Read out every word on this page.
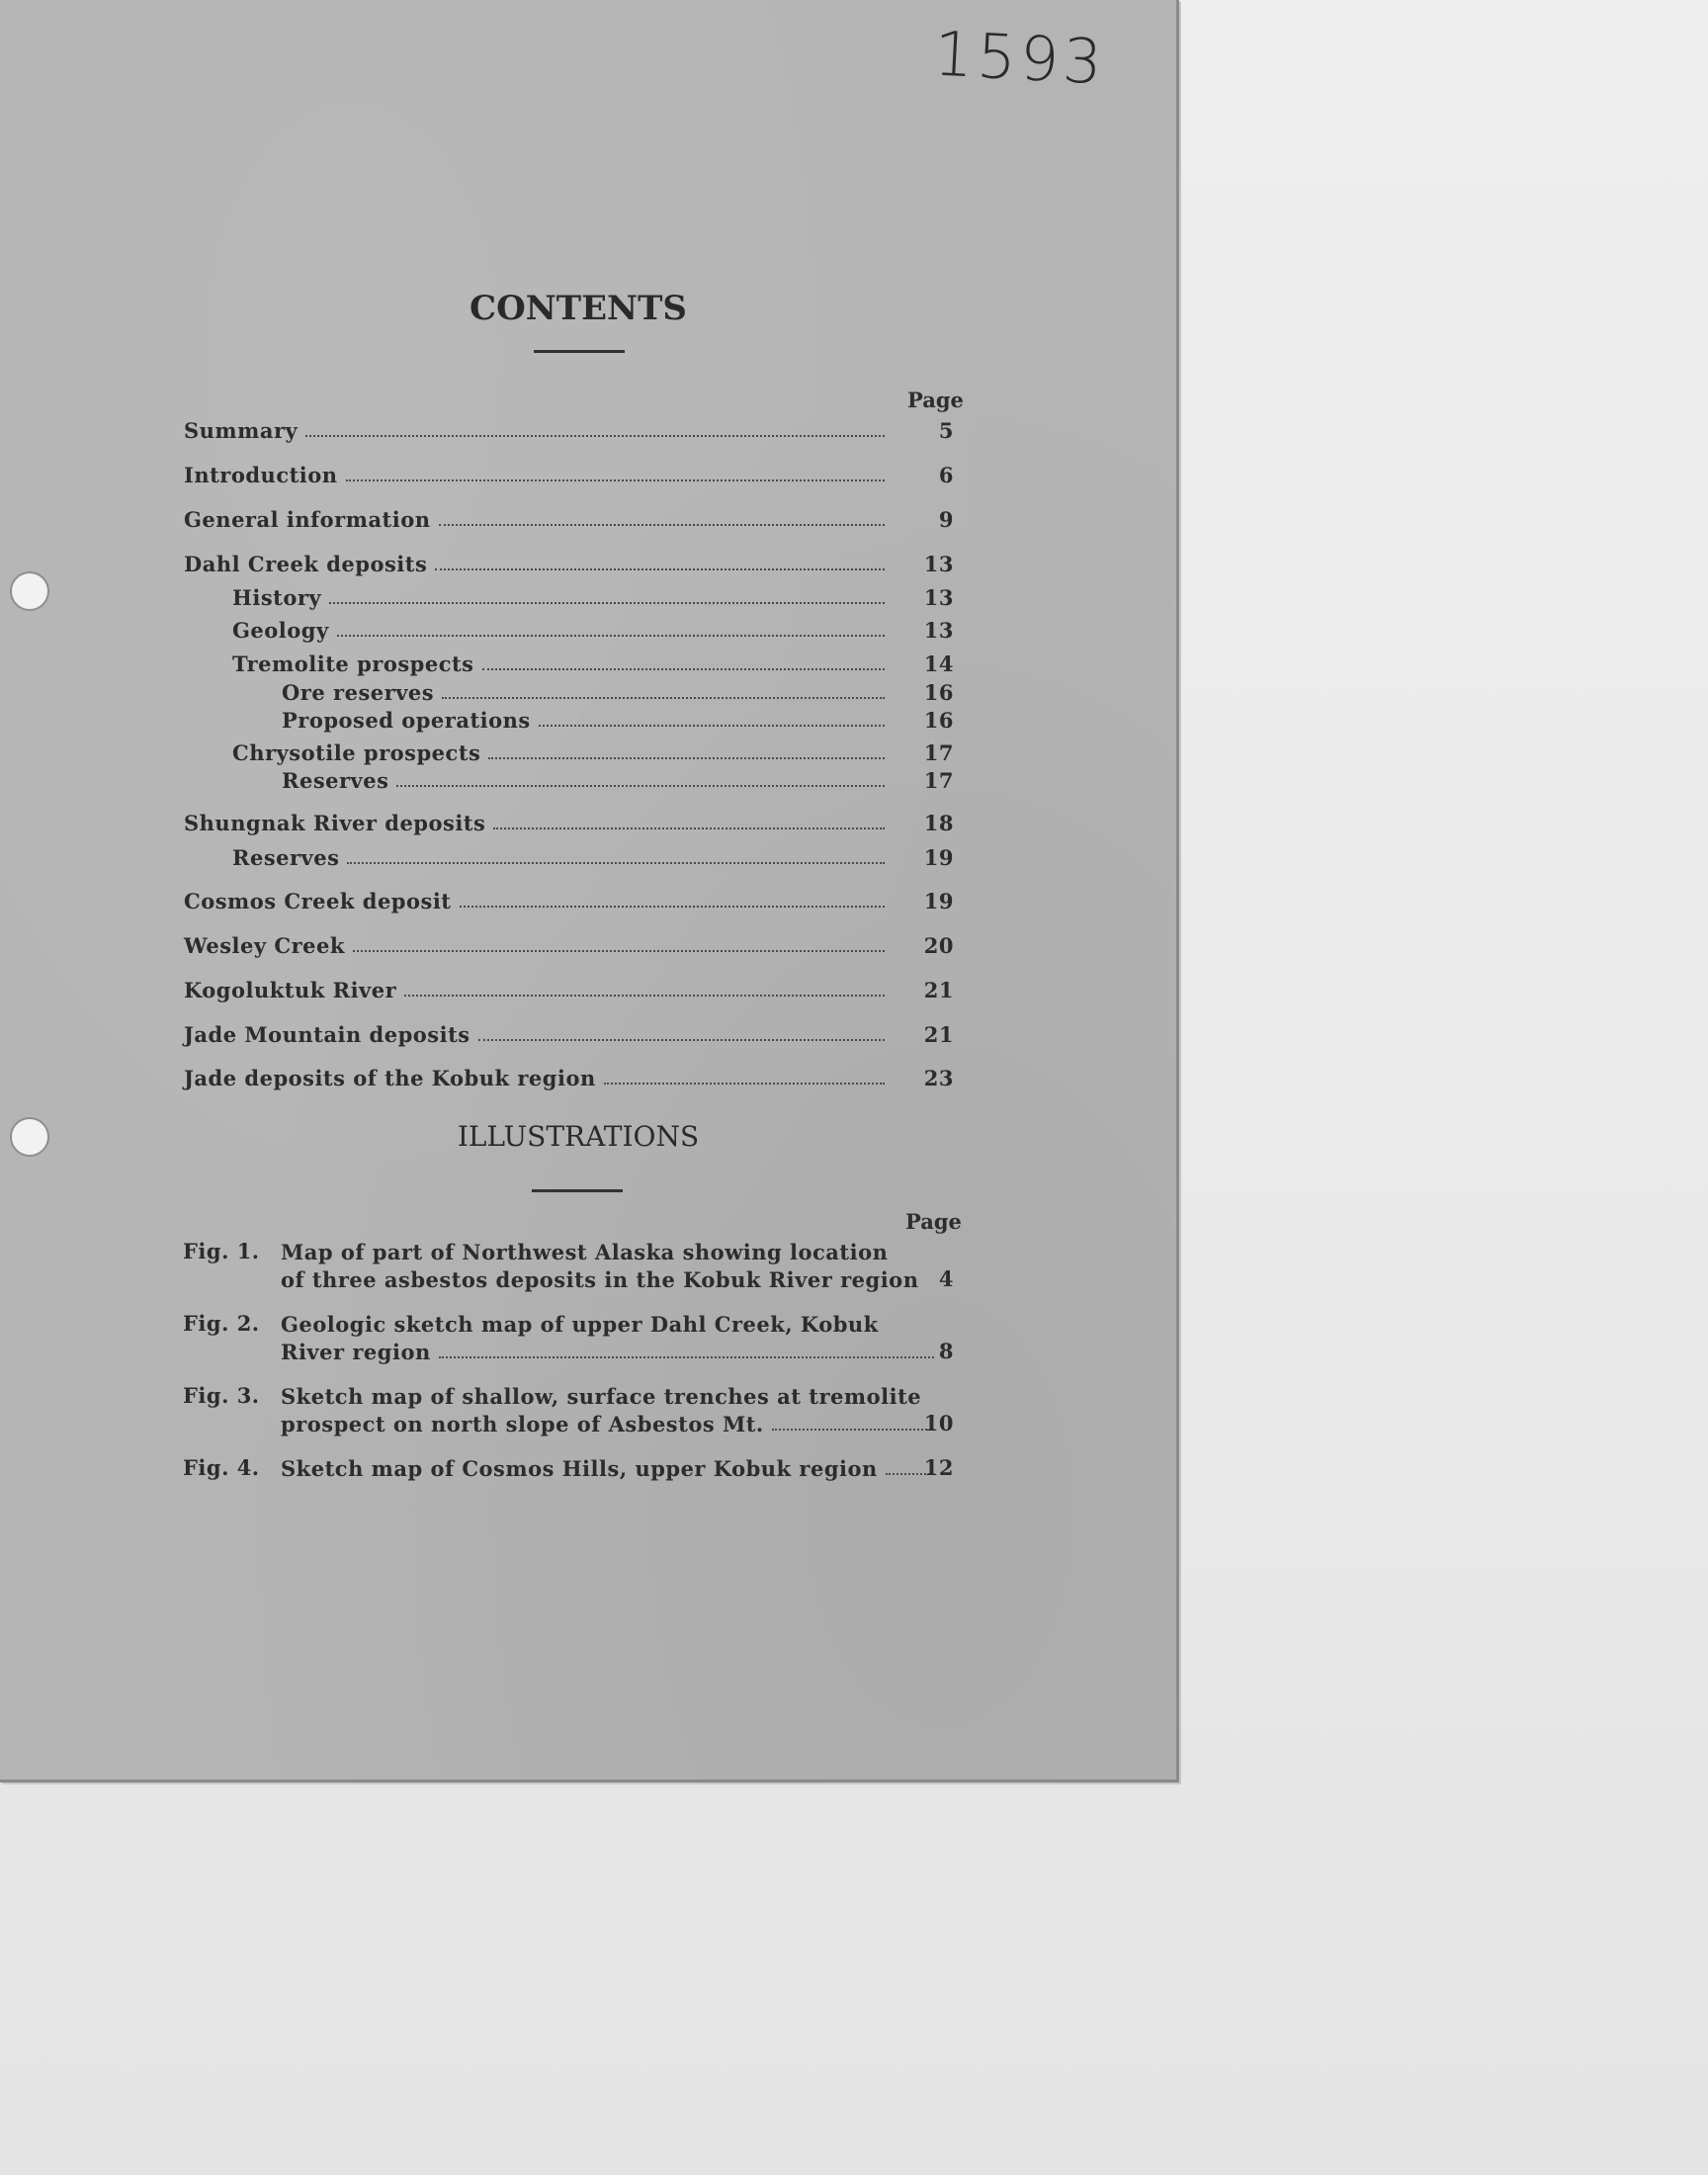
1593
CONTENTS
Page
Summary	5
Introduction	6
General information	9
Dahl Creek deposits	13
History	13
Geology	13
Tremolite prospects	14
Ore reserves	16
Proposed operations	16
Chrysotile prospects	17
Reserves	17
Shungnak River deposits	18
Reserves	19
Cosmos Creek deposit	19
Wesley Creek	20
Kogoluktuk River	21
Jade Mountain deposits	21
Jade deposits of the Kobuk region	23
ILLUSTRATIONS
Page
Fig. 1. Map of part of Northwest Alaska showing location
of three asbestos deposits in the Kobuk River region 4
Fig. 2. Geologic sketch map of upper Dahl Creek, Kobuk
River region	8
Fig. 3. Sketch map of shallow, surface trenches at tremolite
prospect on north slope of Asbestos Mt.	10
Fig. 4. Sketch map of Cosmos Hills, upper Kobuk region	12
